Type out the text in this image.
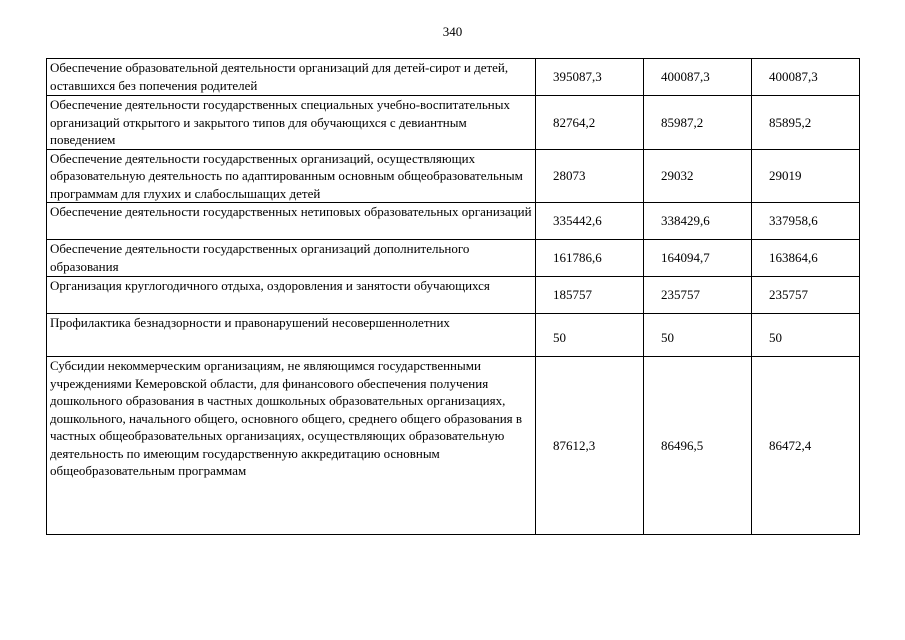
340
Обеспечение образовательной деятельности организаций для детей-сирот и детей, оставшихся без попечения родителей	395087,3	400087,3	400087,3
Обеспечение деятельности государственных специальных учебно-воспитательных организаций открытого и закрытого типов для обучающихся с девиантным поведением	82764,2	85987,2	85895,2
Обеспечение деятельности государственных организаций, осуществляющих образовательную деятельность по адаптированным основным общеобразовательным программам для глухих и слабослышащих детей	28073	29032	29019
Обеспечение деятельности государственных нетиповых образовательных организаций	335442,6	338429,6	337958,6
Обеспечение деятельности государственных организаций дополнительного образования	161786,6	164094,7	163864,6
Организация круглогодичного отдыха, оздоровления и занятости обучающихся	185757	235757	235757
Профилактика безнадзорности и правонарушений несовершеннолетних	50	50	50
Субсидии некоммерческим организациям, не являющимся государственными учреждениями Кемеровской области, для финансового обеспечения получения дошкольного образования в частных дошкольных образовательных организациях, дошкольного, начального общего, основного общего, среднего общего образования в частных общеобразовательных организациях, осуществляющих образовательную деятельность по имеющим государственную аккредитацию основным общеобразовательным программам	87612,3	86496,5	86472,4
